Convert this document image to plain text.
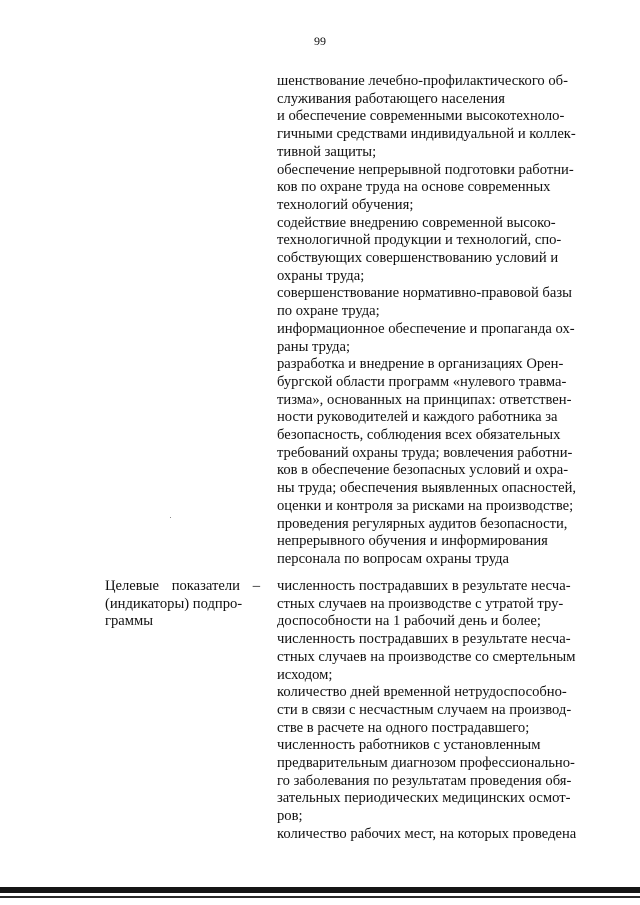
99
шенствование лечебно-профилактического об-
служивания работающего населения
и обеспечение современными высокотехноло-
гичными средствами индивидуальной и коллек-
тивной защиты;
обеспечение непрерывной подготовки работни-
ков по охране труда на основе современных
технологий обучения;
содействие внедрению современной высоко-
технологичной продукции и технологий, спо-
собствующих совершенствованию условий и
охраны труда;
совершенствование нормативно-правовой базы
по охране труда;
информационное обеспечение и пропаганда ох-
раны труда;
разработка и внедрение в организациях Орен-
бургской области программ «нулевого травма-
тизма», основанных на принципах: ответствен-
ности руководителей и каждого работника за
безопасность, соблюдения всех обязательных
требований охраны труда; вовлечения работни-
ков в обеспечение безопасных условий и охра-
ны труда; обеспечения выявленных опасностей,
оценки и контроля за рисками на производстве;
проведения регулярных аудитов безопасности,
непрерывного обучения и информирования
персонала по вопросам охраны труда
Целевые показатели –
(индикаторы) подпро-
граммы
численность пострадавших в результате несча-
стных случаев на производстве с утратой тру-
доспособности на 1 рабочий день и более;
численность пострадавших в результате несча-
стных случаев на производстве со смертельным
исходом;
количество дней временной нетрудоспособно-
сти в связи с несчастным случаем на производ-
стве в расчете на одного пострадавшего;
численность работников с установленным
предварительным диагнозом профессионально-
го заболевания по результатам проведения обя-
зательных периодических медицинских осмот-
ров;
количество рабочих мест, на которых проведена
